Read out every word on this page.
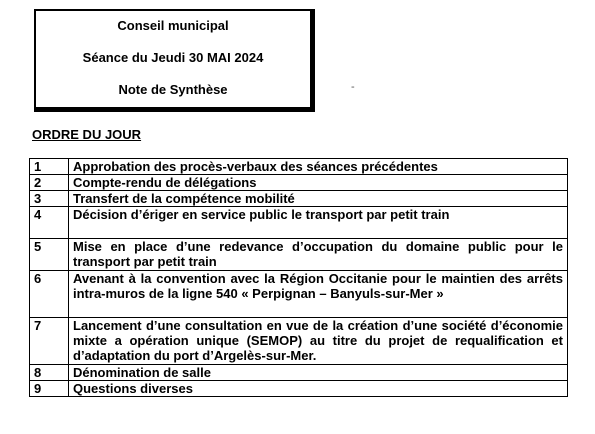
Conseil municipal
Séance du Jeudi 30 MAI 2024
Note de Synthèse	-
ORDRE DU JOUR
1	Approbation des procès-verbaux des séances précédentes
2	Compte-rendu de délégations
3	Transfert de la compétence mobilité
4	Décision d’ériger en service public le transport par petit train
5	Mise en place d’une redevance d’occupation du domaine public pour le transport par petit train
6	Avenant à la convention avec la Région Occitanie pour le maintien des arrêts intra-muros de la ligne 540 « Perpignan – Banyuls-sur-Mer »
7	Lancement d’une consultation en vue de la création d’une société d’économie mixte a opération unique (SEMOP) au titre du projet de requalification et d’adaptation du port d’Argelès-sur-Mer.
8	Dénomination de salle
9	Questions diverses
